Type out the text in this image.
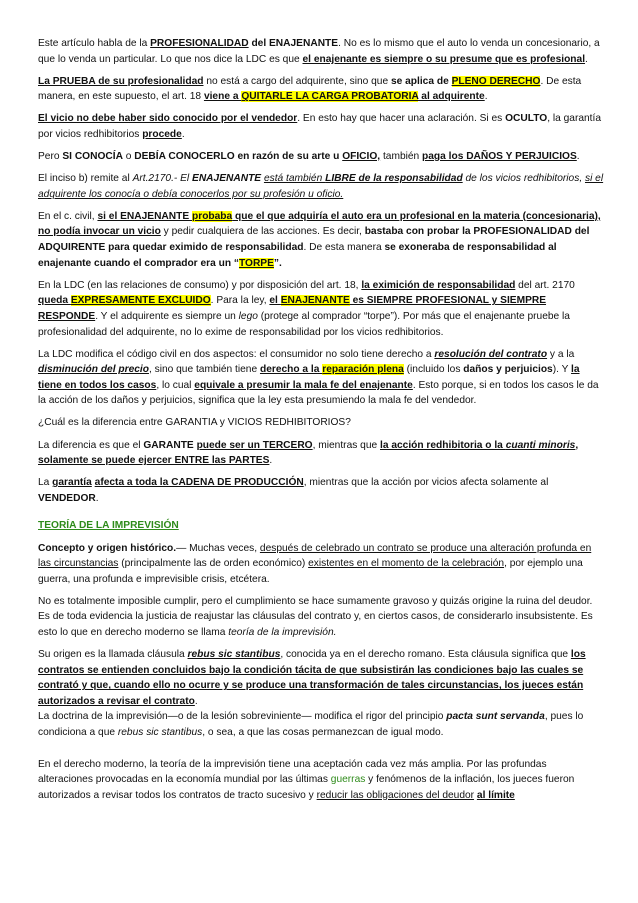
Este artículo habla de la PROFESIONALIDAD del ENAJENANTE. No es lo mismo que el auto lo venda un concesionario, a que lo venda un particular. Lo que nos dice la LDC es que el enajenante es siempre o su presume que es profesional.

La PRUEBA de su profesionalidad no está a cargo del adquirente, sino que se aplica de PLENO DERECHO. De esta manera, en este supuesto, el art. 18 viene a QUITARLE LA CARGA PROBATORIA al adquirente.

El vicio no debe haber sido conocido por el vendedor. En esto hay que hacer una aclaración. Si es OCULTO, la garantía por vicios redhibitorios procede.

Pero SI CONOCÍA o DEBÍA CONOCERLO en razón de su arte u OFICIO, también paga los DAÑOS Y PERJUICIOS.

El inciso b) remite al Art.2170.- El ENAJENANTE está también LIBRE de la responsabilidad de los vicios redhibitorios, si el adquirente los conocía o debía conocerlos por su profesión u oficio.

En el c. civil, si el ENAJENANTE probaba que el que adquiría el auto era un profesional en la materia (concesionaria), no podía invocar un vicio y pedir cualquiera de las acciones. Es decir, bastaba con probar la PROFESIONALIDAD del ADQUIRENTE para quedar eximido de responsabilidad. De esta manera se exoneraba de responsabilidad al enajenante cuando el comprador era un “TORPE”.

En la LDC (en las relaciones de consumo) y por disposición del art. 18, la eximición de responsabilidad del art. 2170 queda EXPRESAMENTE EXCLUIDO. Para la ley, el ENAJENANTE es SIEMPRE PROFESIONAL y SIEMPRE RESPONDE. Y el adquirente es siempre un lego (protege al comprador “torpe”). Por más que el enajenante pruebe la profesionalidad del adquirente, no lo exime de responsabilidad por los vicios redhibitorios.

La LDC modifica el código civil en dos aspectos: el consumidor no solo tiene derecho a resolución del contrato y a la disminución del precio, sino que también tiene derecho a la reparación plena (incluido los daños y perjuicios). Y la tiene en todos los casos, lo cual equivale a presumir la mala fe del enajenante. Esto porque, si en todos los casos le da la acción de los daños y perjuicios, significa que la ley esta presumiendo la mala fe del vendedor.

¿Cuál es la diferencia entre GARANTIA y VICIOS REDHIBITORIOS?

La diferencia es que el GARANTE puede ser un TERCERO, mientras que la acción redhibitoria o la cuanti minoris, solamente se puede ejercer ENTRE las PARTES.

La garantía afecta a toda la CADENA DE PRODUCCIÓN, mientras que la acción por vicios afecta solamente al VENDEDOR.

TEORÍA DE LA IMPREVISIÓN

Concepto y origen histórico.— Muchas veces, después de celebrado un contrato se produce una alteración profunda en las circunstancias (principalmente las de orden económico) existentes en el momento de la celebración, por ejemplo una guerra, una profunda e imprevisible crisis, etcétera.

No es totalmente imposible cumplir, pero el cumplimiento se hace sumamente gravoso y quizás origine la ruina del deudor. Es de toda evidencia la justicia de reajustar las cláusulas del contrato y, en ciertos casos, de considerarlo insubsistente. Es esto lo que en derecho moderno se llama teoría de la imprevisión.

Su origen es la llamada cláusula rebus sic stantibus, conocida ya en el derecho romano. Esta cláusula significa que los contratos se entienden concluidos bajo la condición tácita de que subsistirán las condiciones bajo las cuales se contrató y que, cuando ello no ocurre y se produce una transformación de tales circunstancias, los jueces están autorizados a revisar el contrato.

La doctrina de la imprevisión—o de la lesión sobreviniente— modifica el rigor del principio pacta sunt servanda, pues lo condiciona a que rebus sic stantibus, o sea, a que las cosas permanezcan de igual modo.

En el derecho moderno, la teoría de la imprevisión tiene una aceptación cada vez más amplia. Por las profundas alteraciones provocadas en la economía mundial por las últimas guerras y fenómenos de la inflación, los jueces fueron autorizados a revisar todos los contratos de tracto sucesivo y reducir las obligaciones del deudor al límite
